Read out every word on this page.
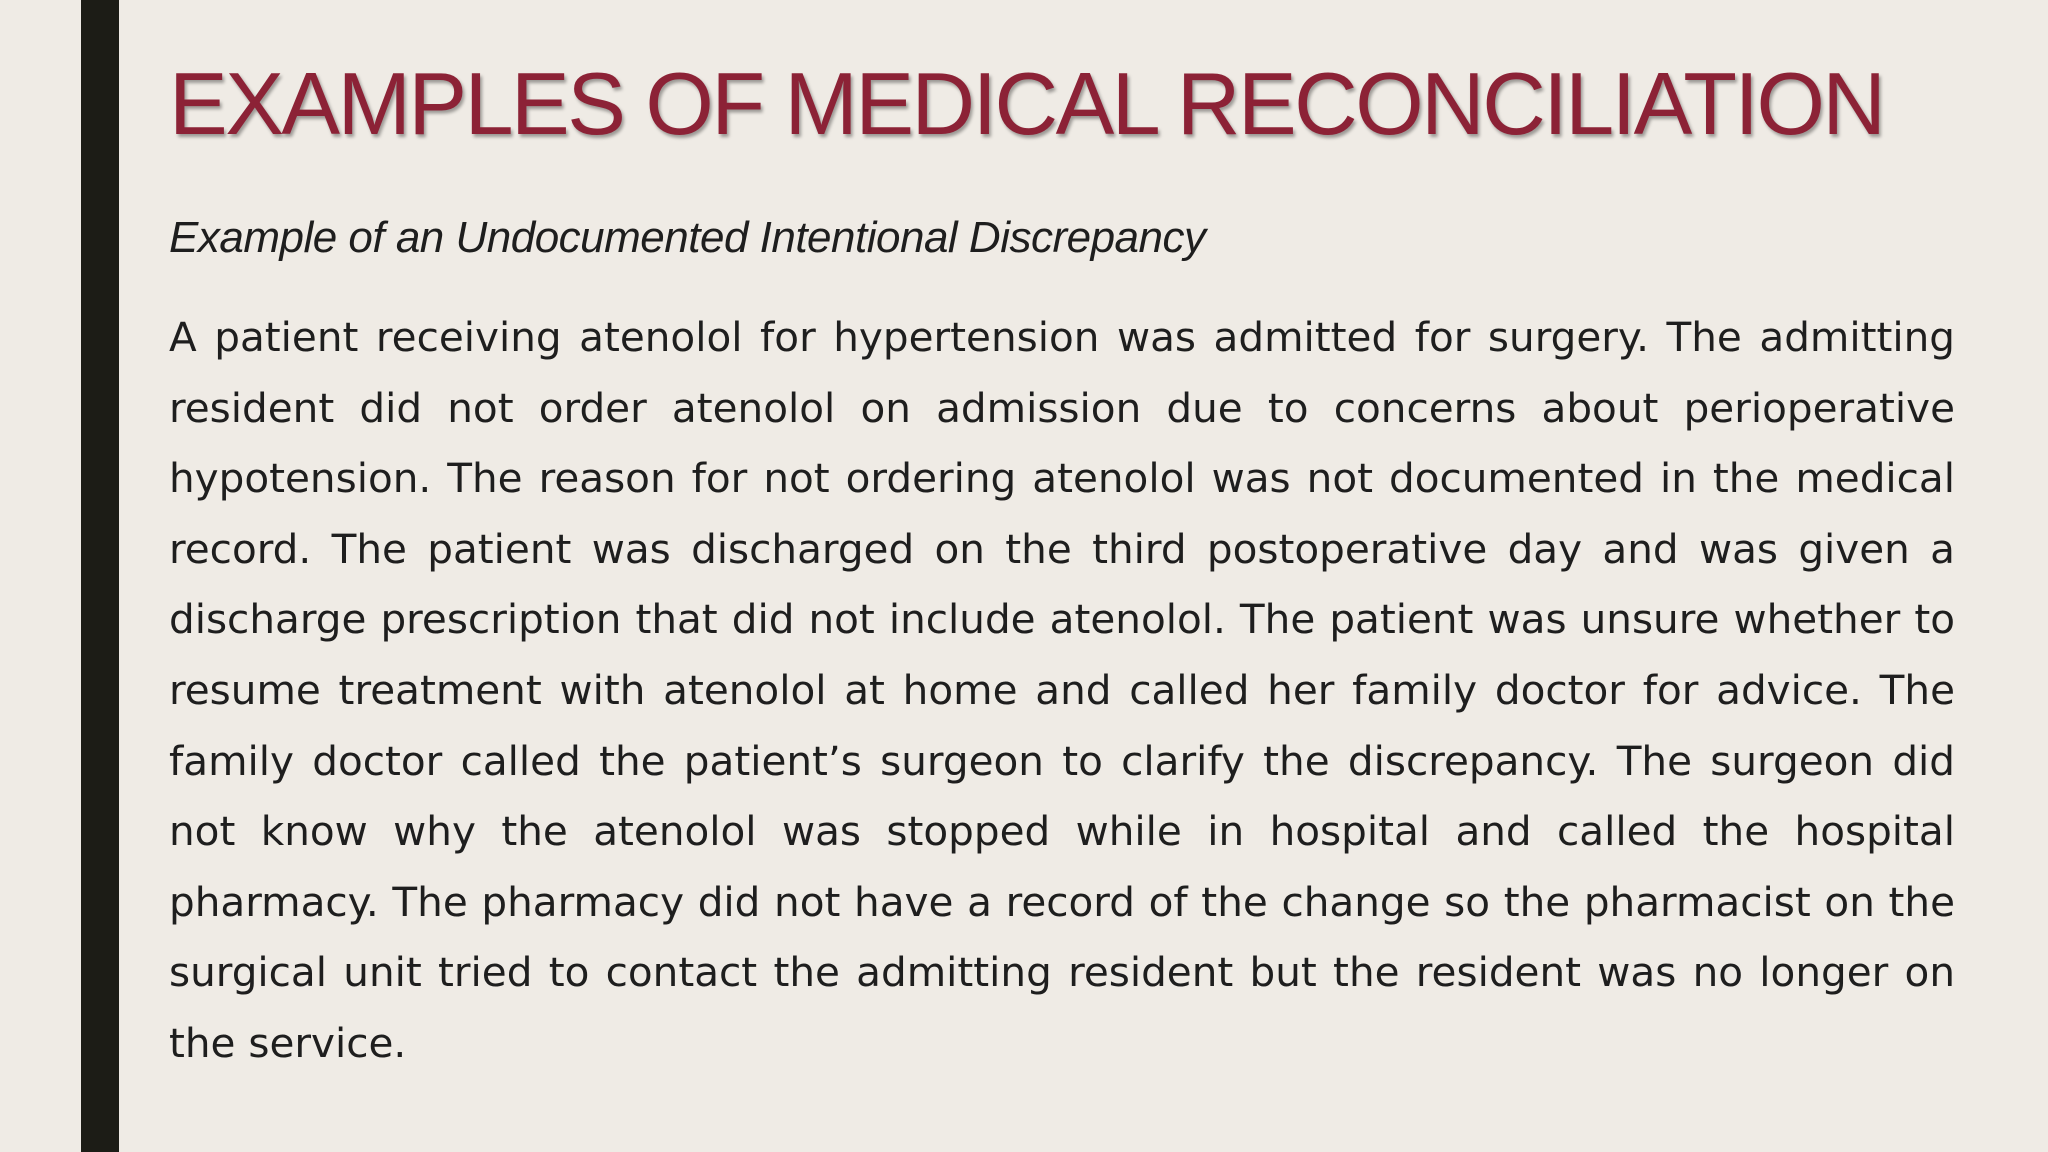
EXAMPLES OF MEDICAL RECONCILIATION
Example of an Undocumented Intentional Discrepancy

A patient receiving atenolol for hypertension was admitted for surgery. The admitting resident did not order atenolol on admission due to concerns about perioperative hypotension. The reason for not ordering atenolol was not documented in the medical record. The patient was discharged on the third postoperative day and was given a discharge prescription that did not include atenolol. The patient was unsure whether to resume treatment with atenolol at home and called her family doctor for advice. The family doctor called the patient’s surgeon to clarify the discrepancy. The surgeon did not know why the atenolol was stopped while in hospital and called the hospital pharmacy. The pharmacy did not have a record of the change so the pharmacist on the surgical unit tried to contact the admitting resident but the resident was no longer on the service.
